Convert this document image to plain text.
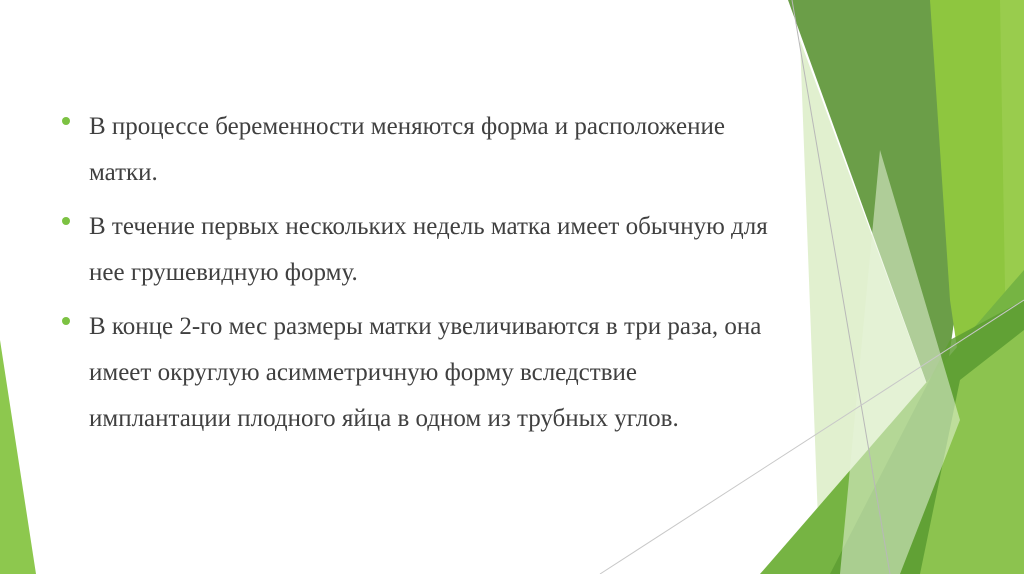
В процессе беременности меняются форма и расположение матки.
В течение первых нескольких недель матка имеет обычную для нее грушевидную форму.
В конце 2-го мес размеры матки увеличиваются в три раза, она имеет округлую асимметричную форму вследствие имплантации плодного яйца в одном из трубных углов.
